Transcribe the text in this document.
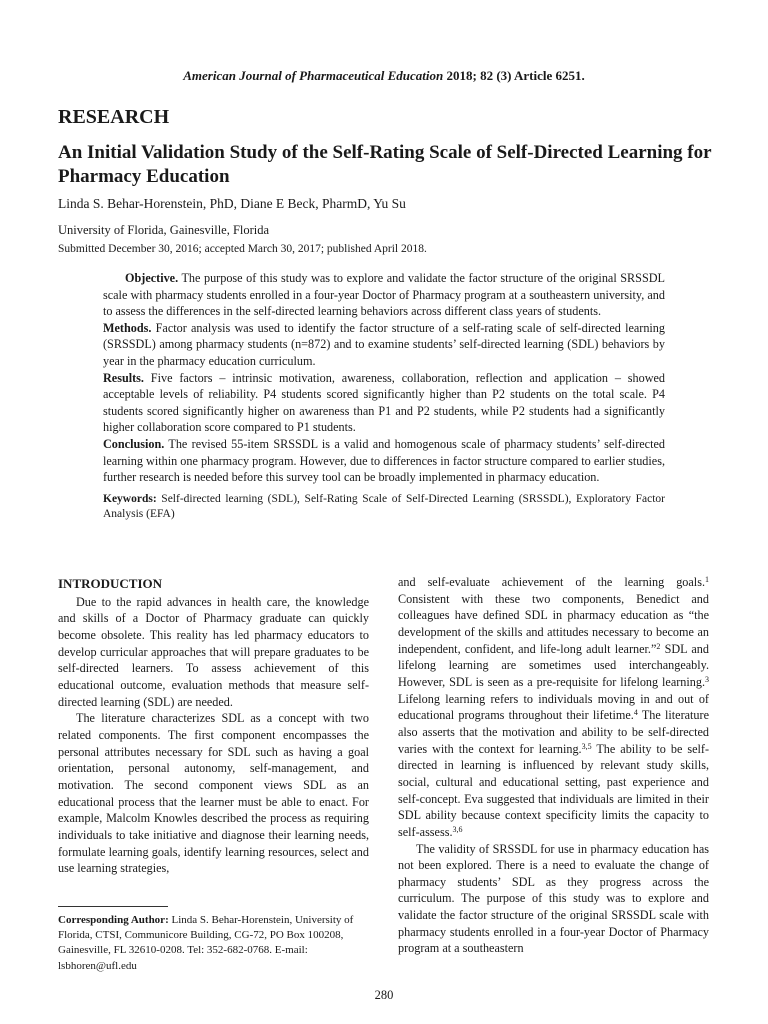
American Journal of Pharmaceutical Education 2018; 82 (3) Article 6251.
RESEARCH
An Initial Validation Study of the Self-Rating Scale of Self-Directed Learning for Pharmacy Education
Linda S. Behar-Horenstein, PhD, Diane E Beck, PharmD, Yu Su
University of Florida, Gainesville, Florida
Submitted December 30, 2016; accepted March 30, 2017; published April 2018.

Objective. The purpose of this study was to explore and validate the factor structure of the original SRSSDL scale with pharmacy students enrolled in a four-year Doctor of Pharmacy program at a southeastern university, and to assess the differences in the self-directed learning behaviors across different class years of students.

Methods. Factor analysis was used to identify the factor structure of a self-rating scale of self-directed learning (SRSSDL) among pharmacy students (n=872) and to examine students’ self-directed learning (SDL) behaviors by year in the pharmacy education curriculum.

Results. Five factors – intrinsic motivation, awareness, collaboration, reflection and application – showed acceptable levels of reliability. P4 students scored significantly higher than P2 students on the total scale. P4 students scored significantly higher on awareness than P1 and P2 students, while P2 students had a significantly higher collaboration score compared to P1 students.

Conclusion. The revised 55-item SRSSDL is a valid and homogenous scale of pharmacy students’ self-directed learning within one pharmacy program. However, due to differences in factor structure compared to earlier studies, further research is needed before this survey tool can be broadly implemented in pharmacy education.

Keywords: Self-directed learning (SDL), Self-Rating Scale of Self-Directed Learning (SRSSDL), Exploratory Factor Analysis (EFA)

INTRODUCTION

Due to the rapid advances in health care, the knowledge and skills of a Doctor of Pharmacy graduate can quickly become obsolete. This reality has led pharmacy educators to develop curricular approaches that will prepare graduates to be self-directed learners. To assess achievement of this educational outcome, evaluation methods that measure self-directed learning (SDL) are needed.

The literature characterizes SDL as a concept with two related components. The first component encompasses the personal attributes necessary for SDL such as having a goal orientation, personal autonomy, self-management, and motivation. The second component views SDL as an educational process that the learner must be able to enact. For example, Malcolm Knowles described the process as requiring individuals to take initiative and diagnose their learning needs, formulate learning goals, identify learning resources, select and use learning strategies,

and self-evaluate achievement of the learning goals.$^1$ Consistent with these two components, Benedict and colleagues have defined SDL in pharmacy education as “the development of the skills and attitudes necessary to become an independent, confident, and life-long adult learner.”$^2$ SDL and lifelong learning are sometimes used interchangeably. However, SDL is seen as a pre-requisite for lifelong learning.$^3$ Lifelong learning refers to individuals moving in and out of educational programs throughout their lifetime.$^4$ The literature also asserts that the motivation and ability to be self-directed varies with the context for learning.$^{3,5}$ The ability to be self-directed in learning is influenced by relevant study skills, social, cultural and educational setting, past experience and self-concept. Eva suggested that individuals are limited in their SDL ability because context specificity limits the capacity to self-assess.$^{3,6}$

The validity of SRSSDL for use in pharmacy education has not been explored. There is a need to evaluate the change of pharmacy students’ SDL as they progress across the curriculum. The purpose of this study was to explore and validate the factor structure of the original SRSSDL scale with pharmacy students enrolled in a four-year Doctor of Pharmacy program at a southeastern

Corresponding Author: Linda S. Behar-Horenstein, University of Florida, CTSI, Communicore Building, CG-72, PO Box 100208, Gainesville, FL 32610-0208. Tel: 352-682-0768. E-mail: lsbhoren@ufl.edu
280
